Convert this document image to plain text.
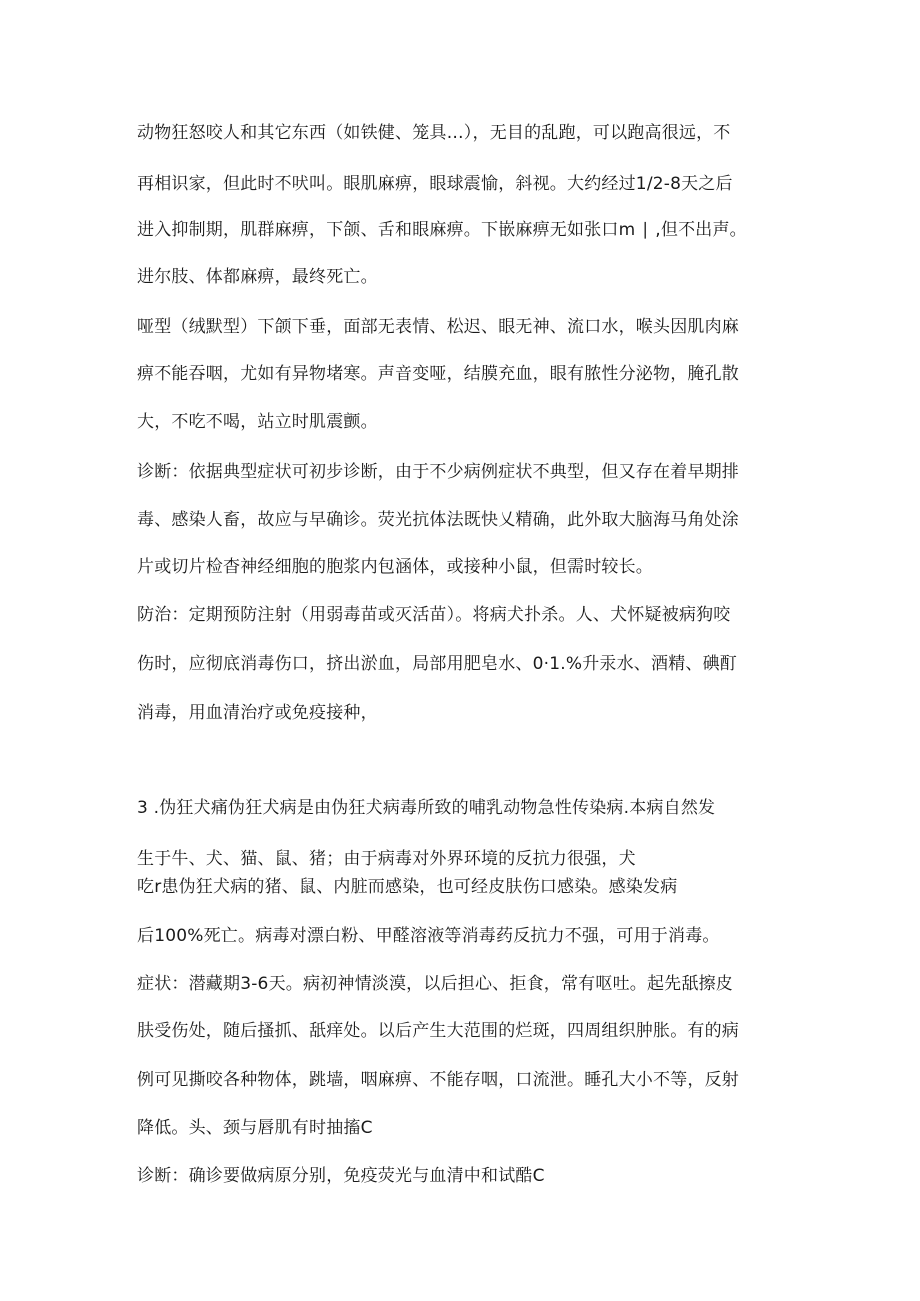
动物狂怒咬人和其它东西（如铁健、笼具…），无目的乱跑，可以跑高很远，不
再相识家，但此时不吠叫。眼肌麻痹，眼球震愉，斜视。大约经过1/2-8天之后
进入抑制期，肌群麻痹，下颌、舌和眼麻痹。下嵌麻痹无如张口m ∣ ,但不出声。
进尔肢、体都麻痹，最终死亡。
哑型（绒默型）下颌下垂，面部无表情、松迟、眼无神、流口水，喉头因肌肉麻
痹不能吞咽，尤如有异物堵寒。声音变哑，结膜充血，眼有脓性分泌物，腌孔散
大，不吃不喝，站立时肌震颤。
诊断：依据典型症状可初步诊断，由于不少病例症状不典型，但又存在着早期排
毒、感染人畜，故应与早确诊。荧光抗体法既快乂精确，此外取大脑海马角处涂
片或切片检杳神经细胞的胞浆内包涵体，或接种小鼠，但需时较长。
防治：定期预防注射（用弱毒苗或灭活苗）。将病犬扑杀。人、犬怀疑被病狗咬
伤时，应彻底消毒伤口，挤出淤血，局部用肥皂水、0·1.%升汞水、酒精、碘酊
消毒，用血清治疗或免疫接种，
3 .伪狂犬痛伪狂犬病是由伪狂犬病毒所致的哺乳动物急性传染病.本病自然发
生于牛、犬、猫、鼠、猪；由于病毒对外界环境的反抗力很强，犬
吃r患伪狂犬病的猪、鼠、内脏而感染，也可经皮肤伤口感染。感染发病
后100%死亡。病毒对漂白粉、甲醛溶液等消毒药反抗力不强，可用于消毒。
症状：潜藏期3-6天。病初神情淡漠，以后担心、拒食，常有呕吐。起先舐擦皮
肤受伤处，随后搔抓、舐痒处。以后产生大范围的烂斑，四周组织肿胀。有的病
例可见撕咬各种物体，跳墙，咽麻痹、不能存咽，口流泄。睡孔大小不等，反射
降低。头、颈与唇肌有时抽搐C
诊断：确诊要做病原分别，免疫荧光与血清中和试酷C
